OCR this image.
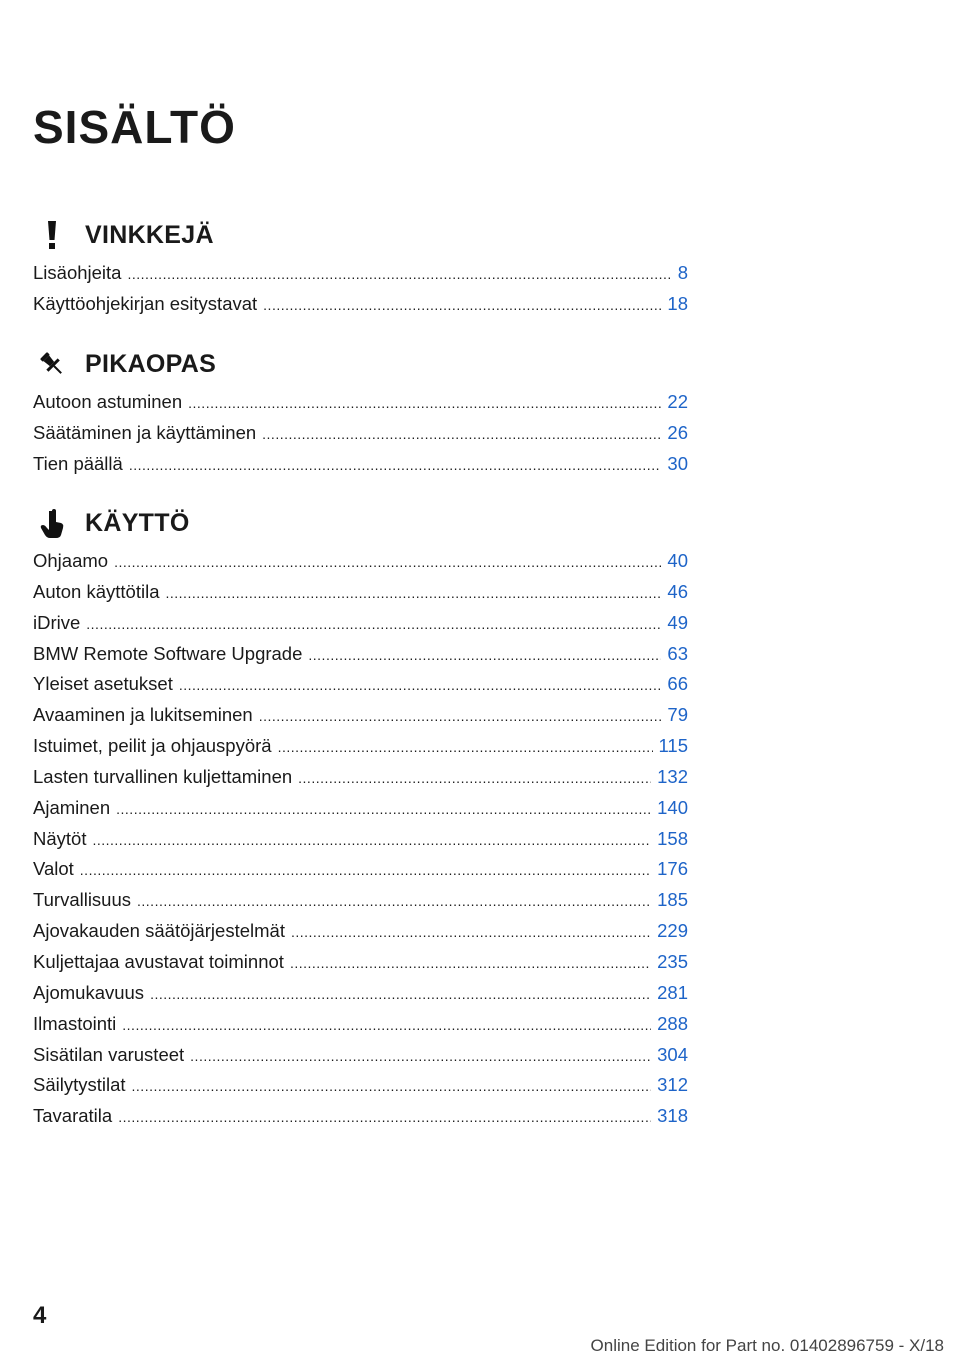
SISÄLTÖ
VINKKEJÄ
Lisäohjeita .....	8
Käyttöohjekirjan esitystavat .....	18
PIKAOPAS
Autoon astuminen .....	22
Säätäminen ja käyttäminen .....	26
Tien päällä .....	30
KÄYTTÖ
Ohjaamo .....	40
Auton käyttötila .....	46
iDrive .....	49
BMW Remote Software Upgrade .....	63
Yleiset asetukset .....	66
Avaaminen ja lukitseminen .....	79
Istuimet, peilit ja ohjauspyörä .....	115
Lasten turvallinen kuljettaminen .....	132
Ajaminen .....	140
Näytöt .....	158
Valot .....	176
Turvallisuus .....	185
Ajovakauden säätöjärjestelmät .....	229
Kuljettajaa avustavat toiminnot .....	235
Ajomukavuus .....	281
Ilmastointi .....	288
Sisätilan varusteet .....	304
Säilytystilat .....	312
Tavaratila .....	318
4
Online Edition for Part no. 01402896759 - X/18
